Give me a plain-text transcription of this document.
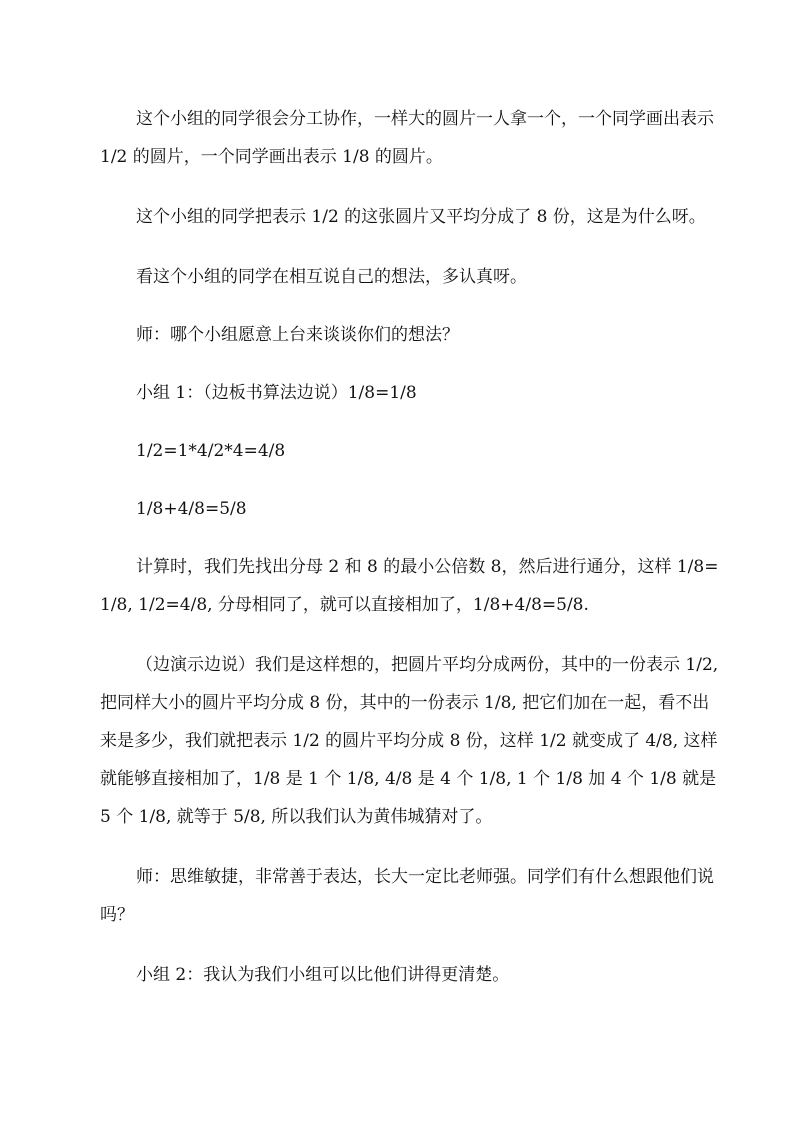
这个小组的同学很会分工协作，一样大的圆片一人拿一个，一个同学画出表示 1/2 的圆片，一个同学画出表示 1/8 的圆片。

这个小组的同学把表示 1/2 的这张圆片又平均分成了 8 份，这是为什么呀。

看这个小组的同学在相互说自己的想法，多认真呀。

师：哪个小组愿意上台来谈谈你们的想法？

小组 1：（边板书算法边说）1/8=1/8

1/2=1*4/2*4=4/8

1/8+4/8=5/8

计算时，我们先找出分母 2 和 8 的最小公倍数 8，然后进行通分，这样 1/8=1/8, 1/2=4/8, 分母相同了，就可以直接相加了，1/8+4/8=5/8.

（边演示边说）我们是这样想的，把圆片平均分成两份，其中的一份表示 1/2, 把同样大小的圆片平均分成 8 份，其中的一份表示 1/8, 把它们加在一起，看不出来是多少，我们就把表示 1/2 的圆片平均分成 8 份，这样 1/2 就变成了 4/8, 这样就能够直接相加了，1/8 是 1 个 1/8, 4/8 是 4 个 1/8, 1 个 1/8 加 4 个 1/8 就是 5 个 1/8, 就等于 5/8, 所以我们认为黄伟城猜对了。

师：思维敏捷，非常善于表达，长大一定比老师强。同学们有什么想跟他们说吗？

小组 2：我认为我们小组可以比他们讲得更清楚。
